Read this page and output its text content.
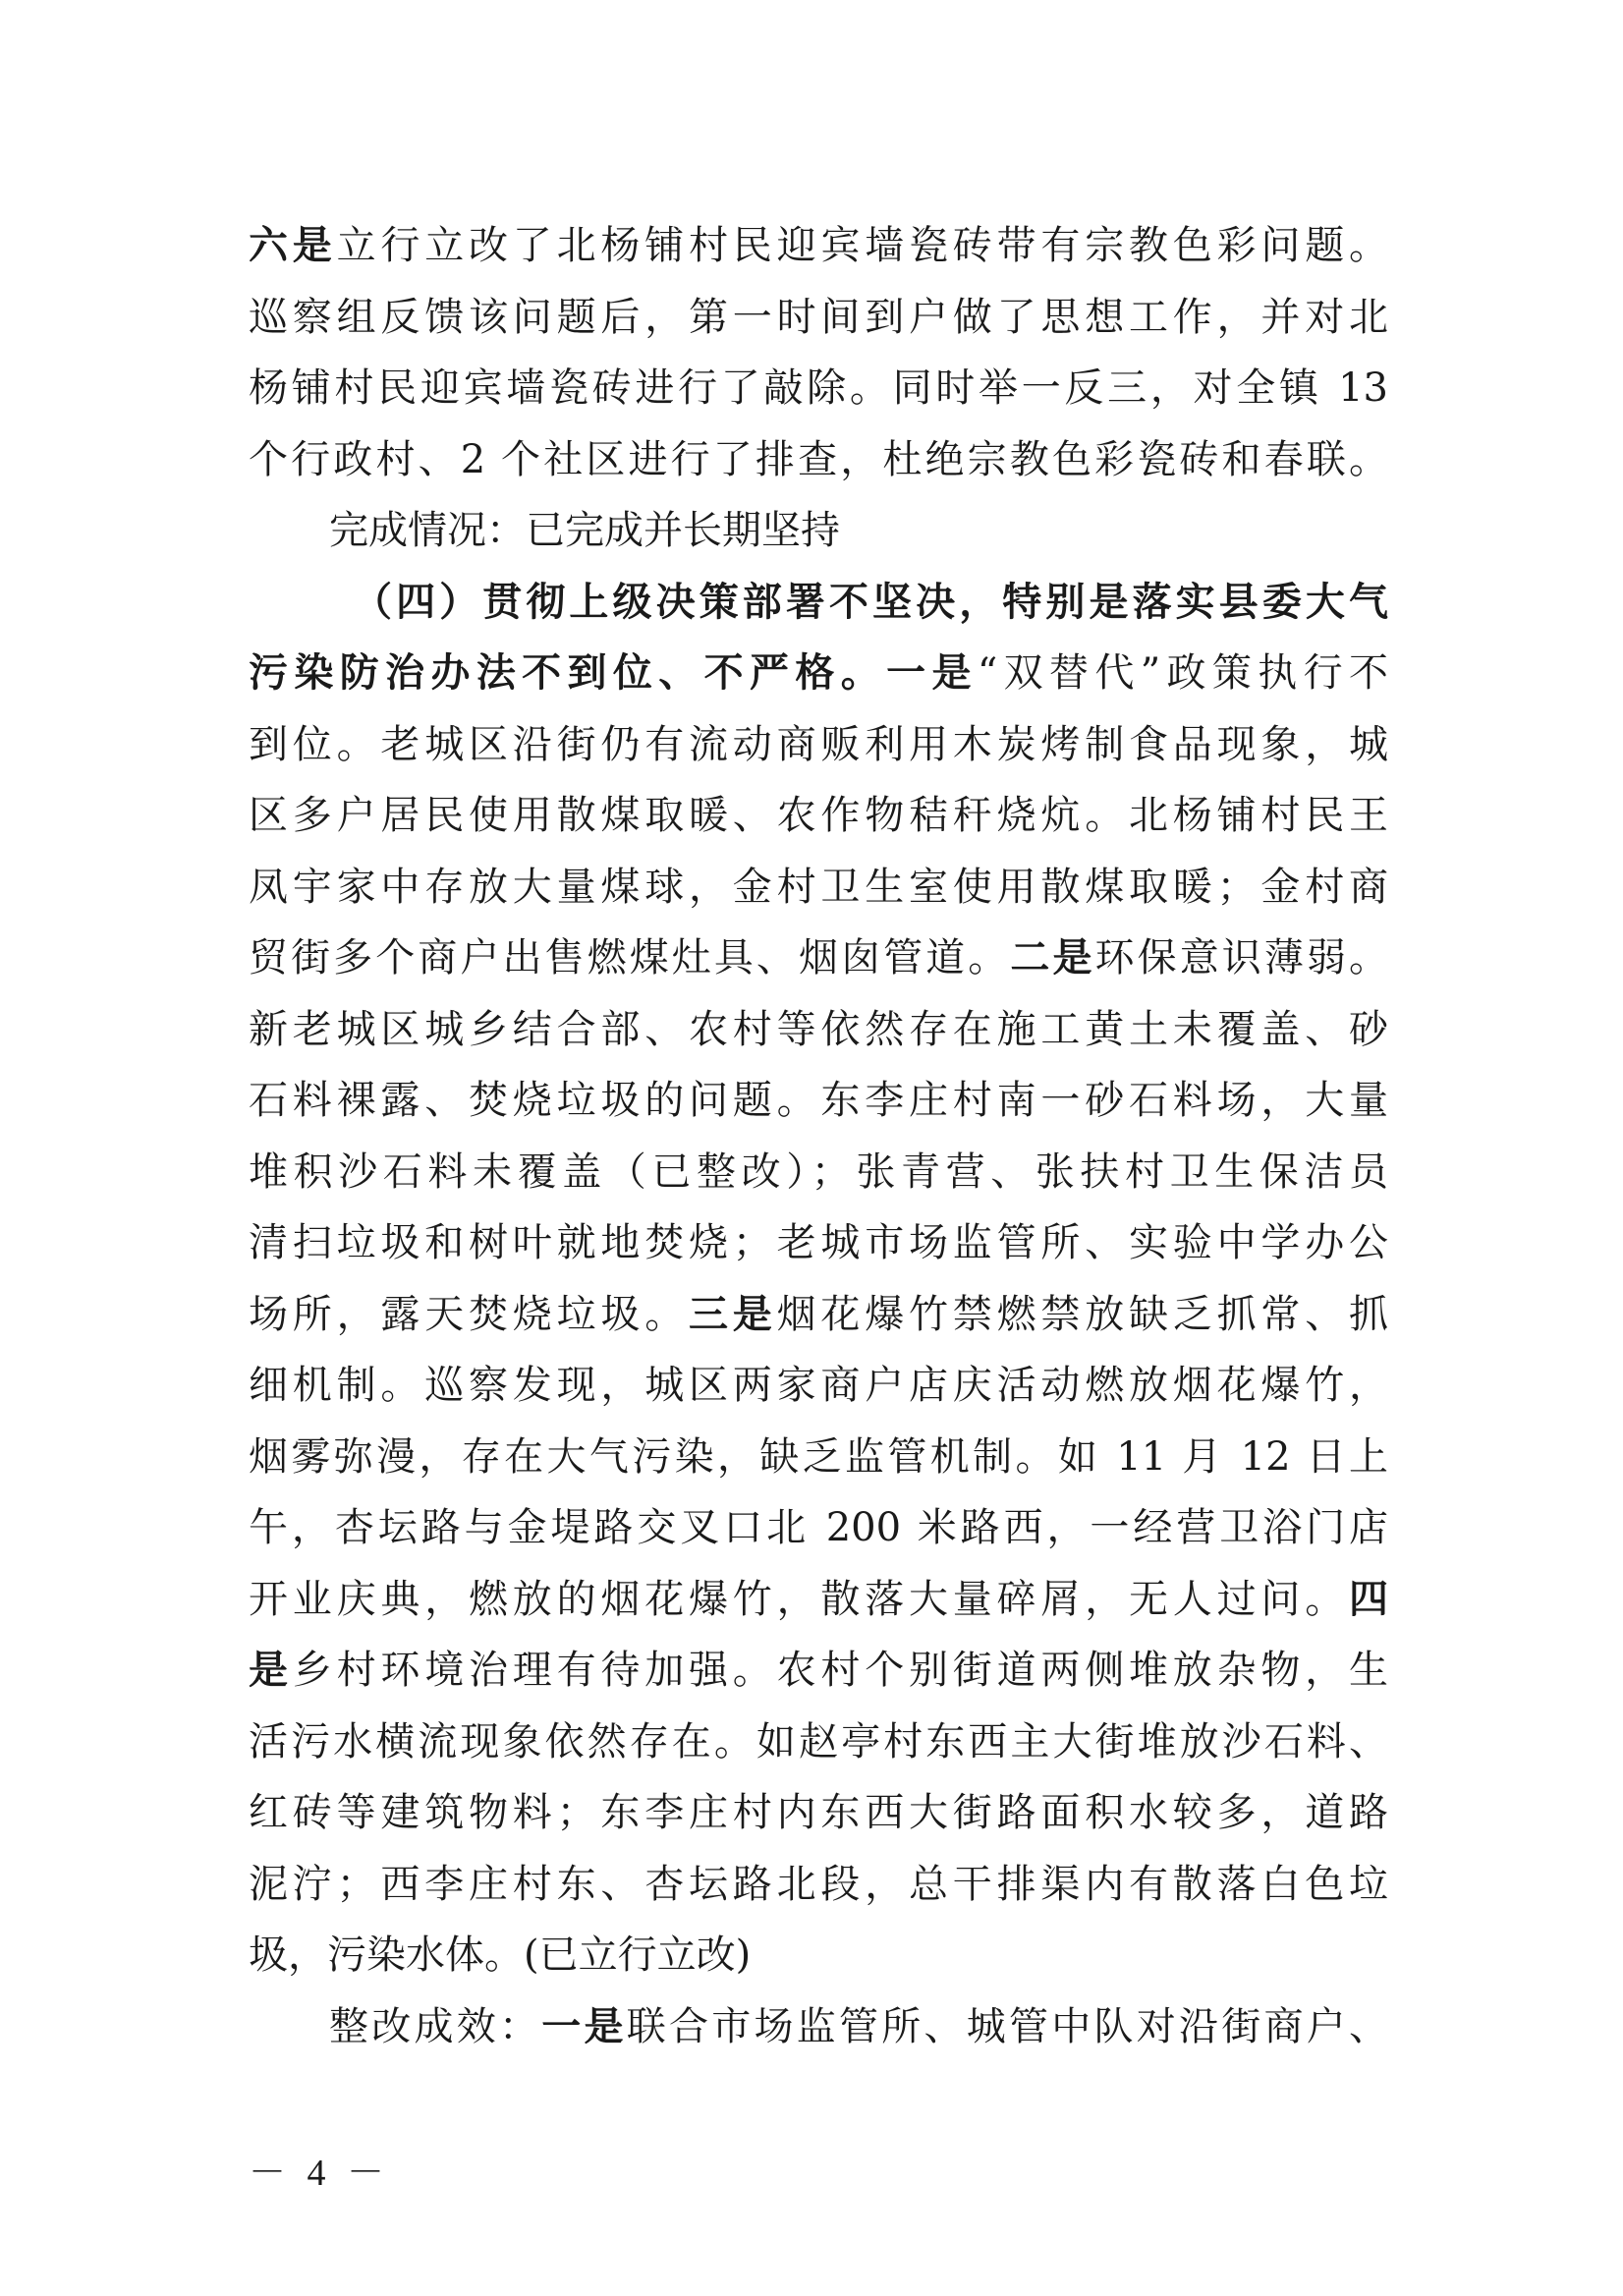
六是立行立改了北杨铺村民迎宾墙瓷砖带有宗教色彩问题。
巡察组反馈该问题后，第一时间到户做了思想工作，并对北
杨铺村民迎宾墙瓷砖进行了敲除。同时举一反三，对全镇 13
个行政村、2 个社区进行了排查，杜绝宗教色彩瓷砖和春联。
完成情况：已完成并长期坚持
（四）贯彻上级决策部署不坚决，特别是落实县委大气
污染防治办法不到位、不严格。一是“双替代”政策执行不
到位。老城区沿街仍有流动商贩利用木炭烤制食品现象，城
区多户居民使用散煤取暖、农作物秸秆烧炕。北杨铺村民王
凤宇家中存放大量煤球，金村卫生室使用散煤取暖；金村商
贸街多个商户出售燃煤灶具、烟囱管道。二是环保意识薄弱。
新老城区城乡结合部、农村等依然存在施工黄土未覆盖、砂
石料裸露、焚烧垃圾的问题。东李庄村南一砂石料场，大量
堆积沙石料未覆盖（已整改）；张青营、张扶村卫生保洁员
清扫垃圾和树叶就地焚烧；老城市场监管所、实验中学办公
场所，露天焚烧垃圾。三是烟花爆竹禁燃禁放缺乏抓常、抓
细机制。巡察发现，城区两家商户店庆活动燃放烟花爆竹，
烟雾弥漫，存在大气污染，缺乏监管机制。如 11 月 12 日上
午，杏坛路与金堤路交叉口北 200 米路西，一经营卫浴门店
开业庆典，燃放的烟花爆竹，散落大量碎屑，无人过问。四
是乡村环境治理有待加强。农村个别街道两侧堆放杂物，生
活污水横流现象依然存在。如赵亭村东西主大街堆放沙石料、
红砖等建筑物料；东李庄村内东西大街路面积水较多，道路
泥泞；西李庄村东、杏坛路北段，总干排渠内有散落白色垃
圾，污染水体。(已立行立改)
整改成效：一是联合市场监管所、城管中队对沿街商户、
－ 4 －
